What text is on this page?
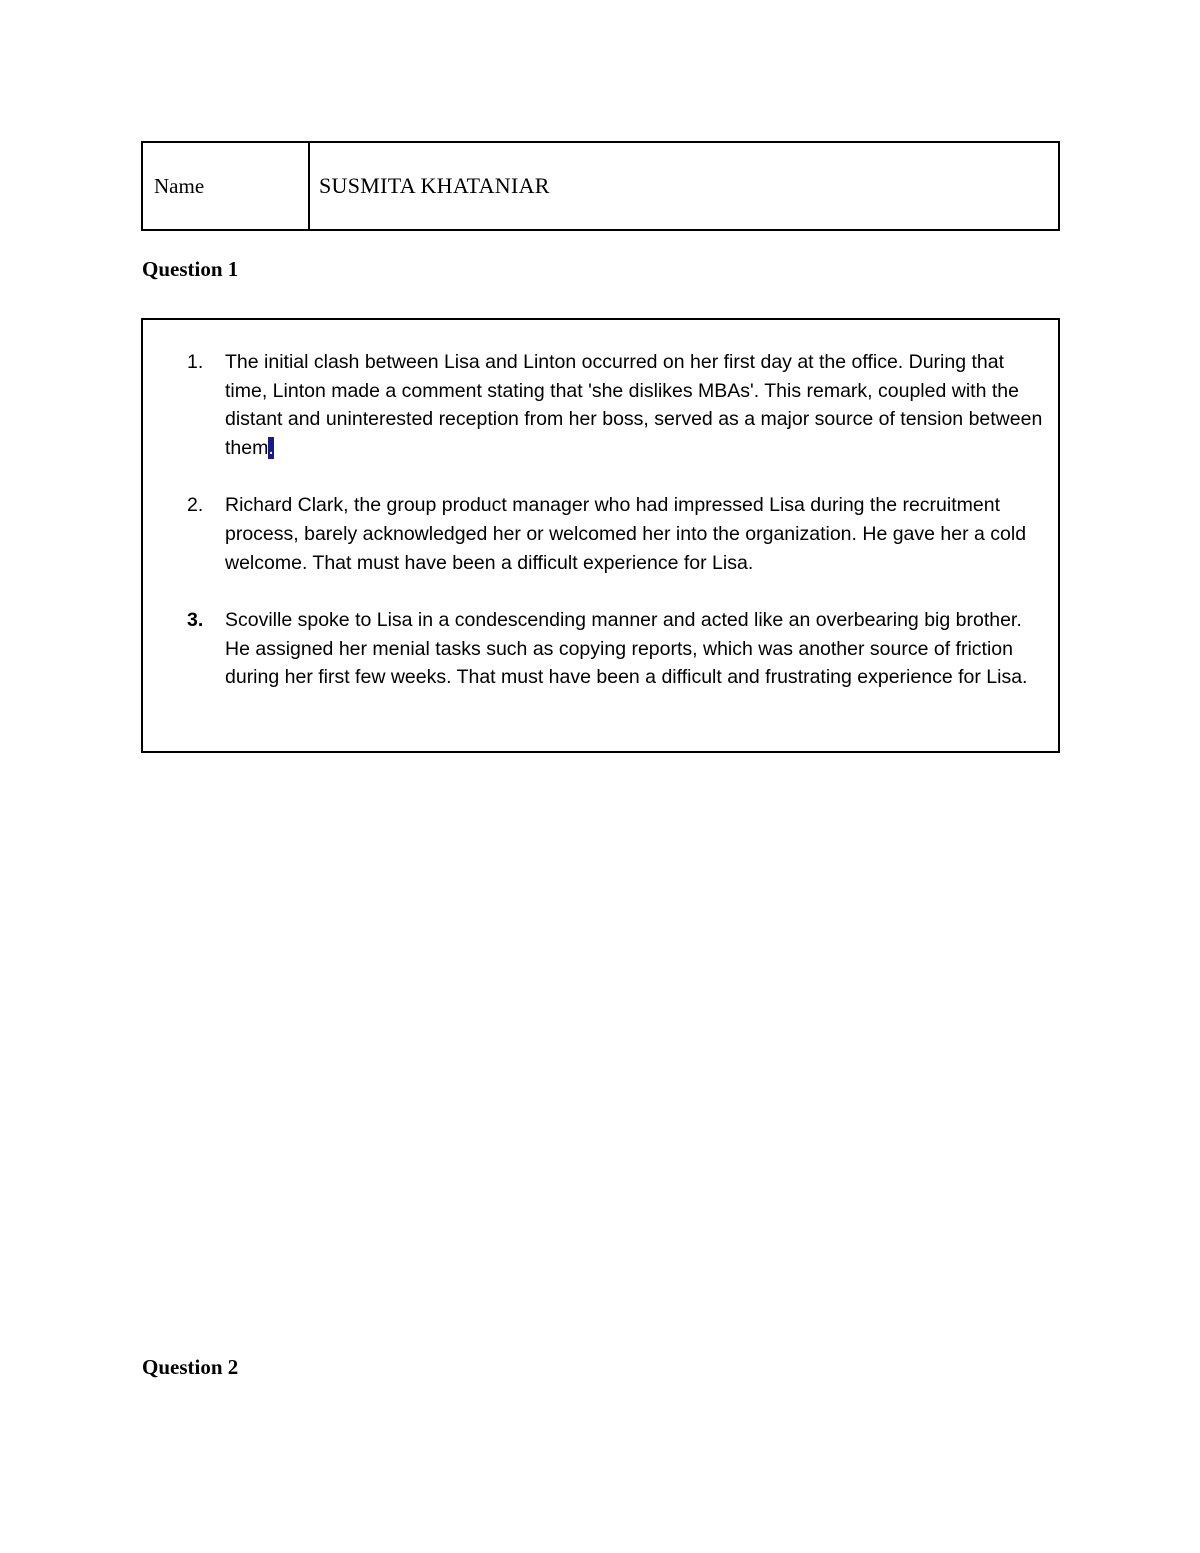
Name	SUSMITA KHATANIAR
Question 1
1. The initial clash between Lisa and Linton occurred on her first day at the office. During that time, Linton made a comment stating that 'she dislikes MBAs'. This remark, coupled with the distant and uninterested reception from her boss, served as a major source of tension between them.
2. Richard Clark, the group product manager who had impressed Lisa during the recruitment process, barely acknowledged her or welcomed her into the organization. He gave her a cold welcome. That must have been a difficult experience for Lisa.
3. Scoville spoke to Lisa in a condescending manner and acted like an overbearing big brother. He assigned her menial tasks such as copying reports, which was another source of friction during her first few weeks. That must have been a difficult and frustrating experience for Lisa.
Question 2
